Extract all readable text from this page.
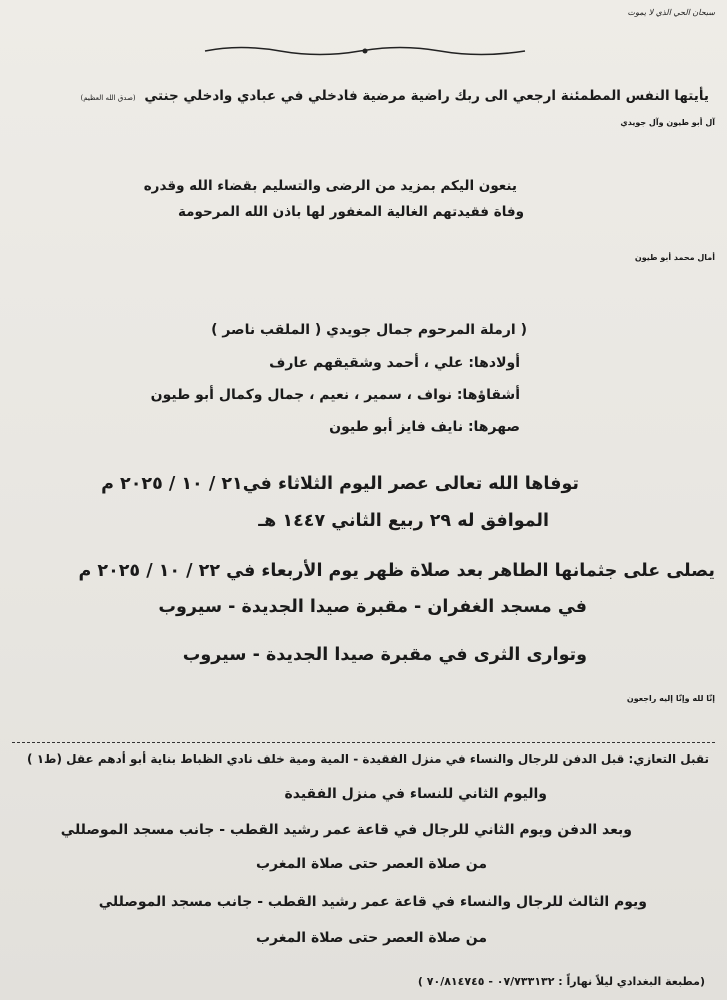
سبحان الحي الذي لا يموت
يأيتها النفس المطمئنة ارجعي الى ربك راضية مرضية فادخلي في عبادي وادخلي جنتي (صدق الله العظيم)
آل أبو طيون وآل جويدي
ينعون اليكم بمزيد من الرضى والتسليم بقضاء الله وقدره
وفاة فقيدتهم الغالية المغفور لها باذن الله المرحومة
أمال محمد أبو طيون
( ارملة المرحوم جمال جويدي ( الملقب ناصر )
أولادها: علي ، أحمد وشقيقهم عارف
أشقاؤها: نواف ، سمير ، نعيم ، جمال وكمال أبو طيون
صهرها: نايف فايز أبو طيون
توفاها الله تعالى عصر اليوم الثلاثاء في٢١ / ١٠ / ٢٠٢٥ م
الموافق له ٢٩ ربيع الثاني ١٤٤٧ هـ
يصلى على جثمانها الطاهر بعد صلاة ظهر يوم الأربعاء في ٢٢ / ١٠ / ٢٠٢٥ م
في مسجد الغفران - مقبرة صيدا الجديدة - سيروب
وتوارى الثرى في مقبرة صيدا الجديدة - سيروب
إنّا لله وإنّا إليه راجعون
تقبل التعازي: قبل الدفن للرجال والنساء في منزل الفقيدة - المية ومية خلف نادي الظباط بناية أبو أدهم عقل (ط١ )
واليوم الثاني للنساء في منزل الفقيدة
وبعد الدفن ويوم الثاني للرجال في قاعة عمر رشيد القطب - جانب مسجد الموصللي
من صلاة العصر حتى صلاة المغرب
ويوم الثالث للرجال والنساء في قاعة عمر رشيد القطب - جانب مسجد الموصللي
من صلاة العصر حتى صلاة المغرب
(مطبعة البغدادي ليلاً نهاراً : ٠٧/٧٣٣١٣٢ - ٧٠/٨١٤٧٤٥ )
